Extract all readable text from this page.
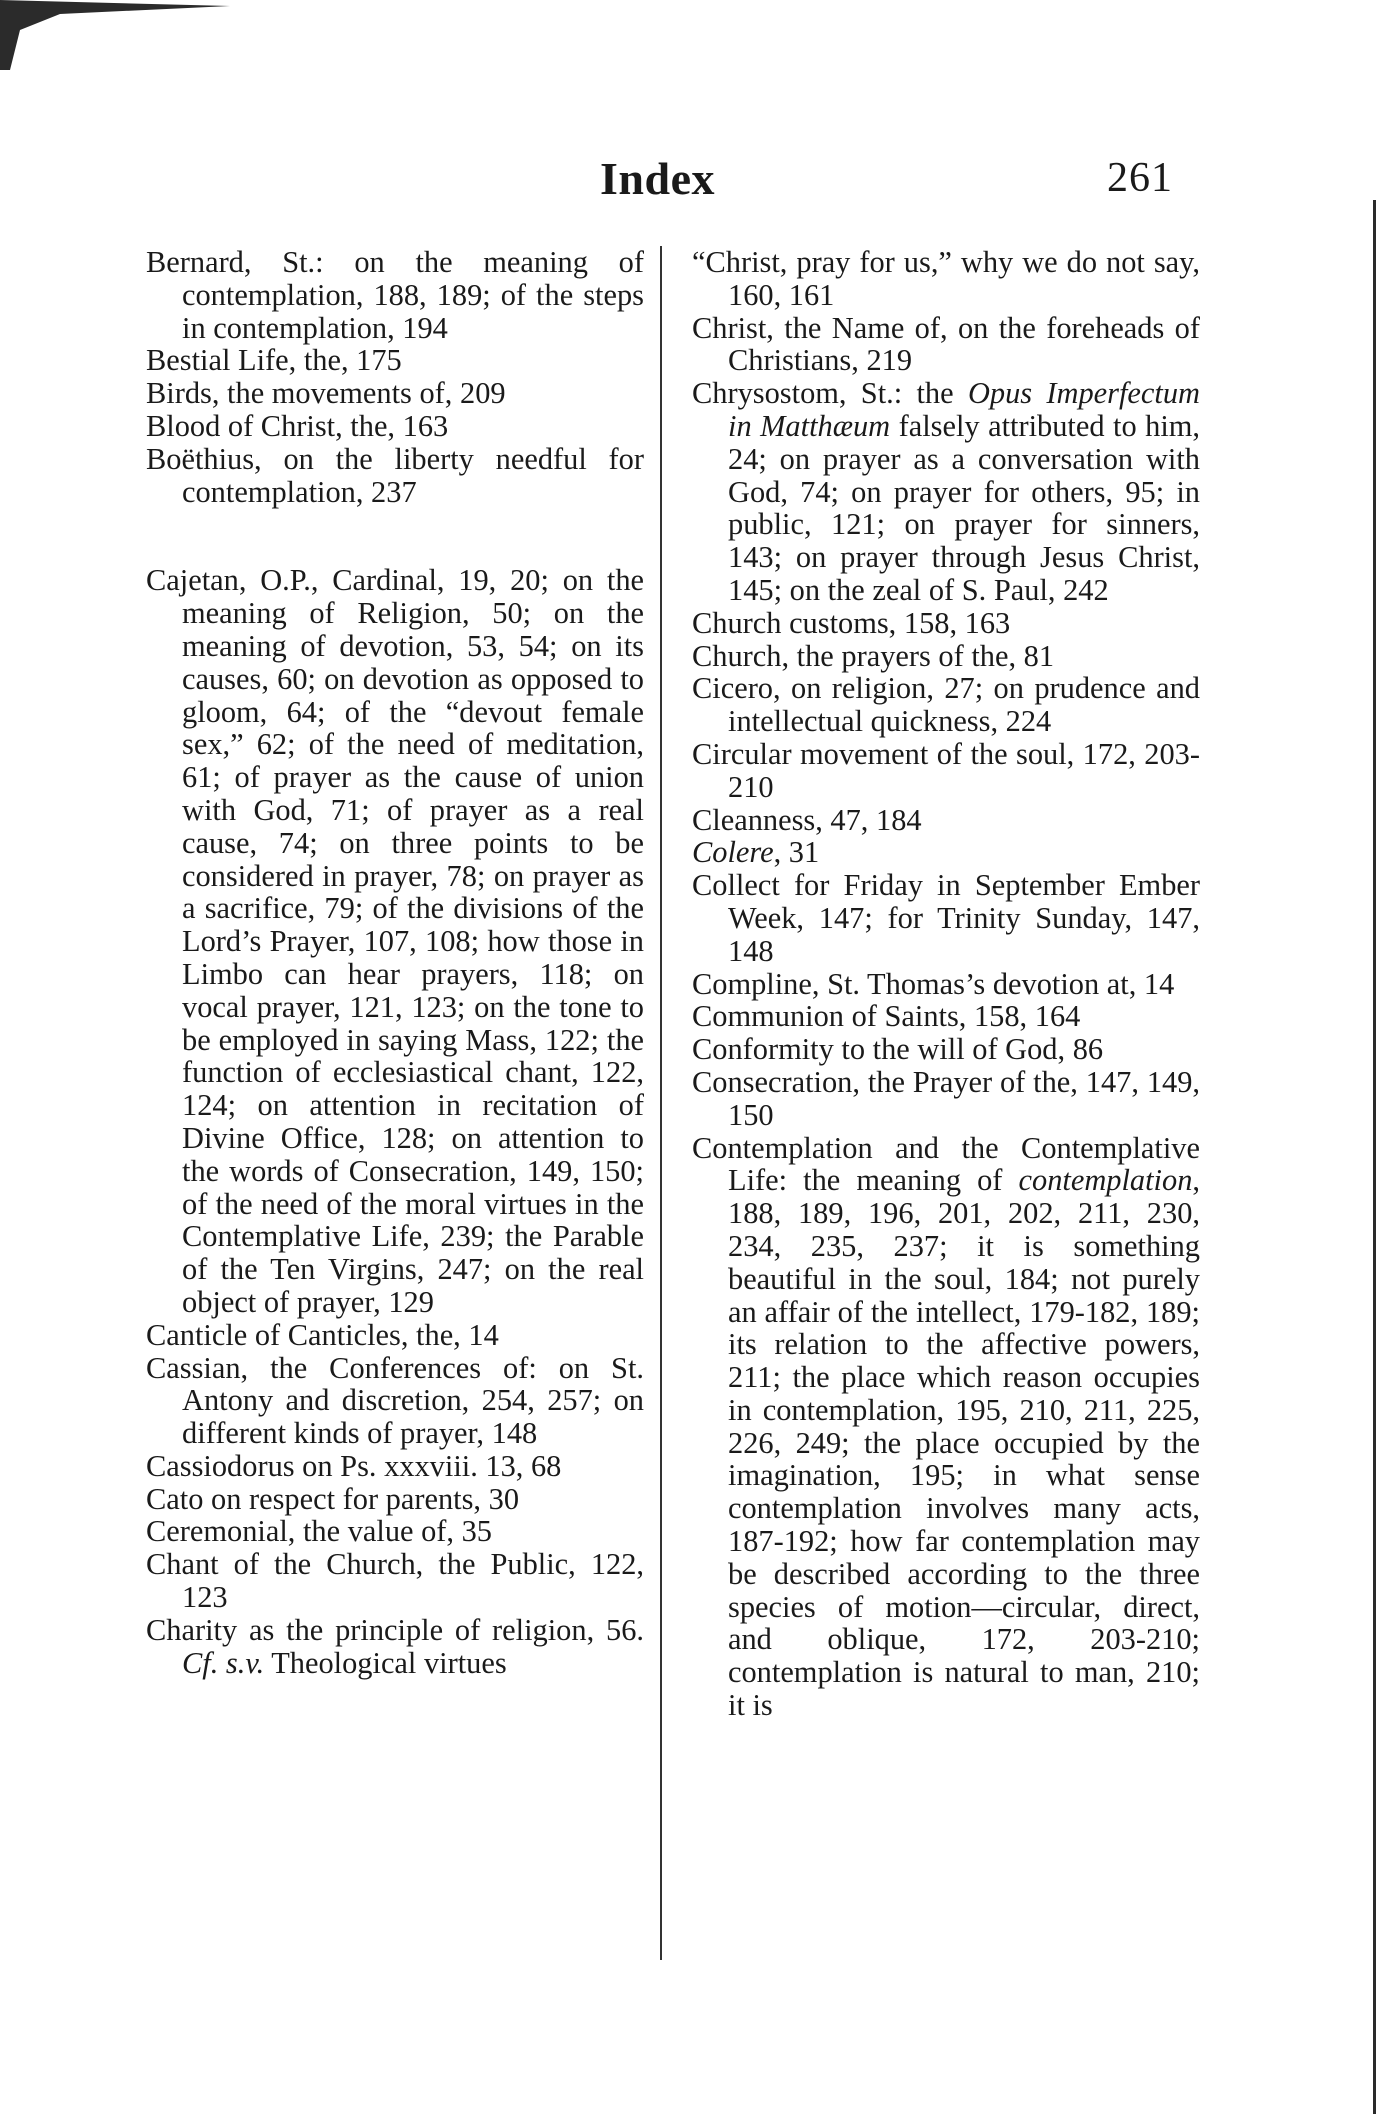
Index	261
Bernard, St.: on the meaning of contemplation, 188, 189; of the steps in contemplation, 194
Bestial Life, the, 175
Birds, the movements of, 209
Blood of Christ, the, 163
Boëthius, on the liberty needful for contemplation, 237
Cajetan, O.P., Cardinal, 19, 20; on the meaning of Religion, 50; on the meaning of devotion, 53, 54; on its causes, 60; on devotion as opposed to gloom, 64; of the “devout female sex,” 62; of the need of meditation, 61; of prayer as the cause of union with God, 71; of prayer as a real cause, 74; on three points to be considered in prayer, 78; on prayer as a sacrifice, 79; of the divisions of the Lord’s Prayer, 107, 108; how those in Limbo can hear prayers, 118; on vocal prayer, 121, 123; on the tone to be employed in saying Mass, 122; the function of ecclesiastical chant, 122, 124; on attention in recitation of Divine Office, 128; on attention to the words of Consecration, 149, 150; of the need of the moral virtues in the Contemplative Life, 239; the Parable of the Ten Virgins, 247; on the real object of prayer, 129
Canticle of Canticles, the, 14
Cassian, the Conferences of: on St. Antony and discretion, 254, 257; on different kinds of prayer, 148
Cassiodorus on Ps. xxxviii. 13, 68
Cato on respect for parents, 30
Ceremonial, the value of, 35
Chant of the Church, the Public, 122, 123
Charity as the principle of religion, 56. Cf. s.v. Theological virtues
“Christ, pray for us,” why we do not say, 160, 161
Christ, the Name of, on the foreheads of Christians, 219
Chrysostom, St.: the Opus Imperfectum in Matthæum falsely attributed to him, 24; on prayer as a conversation with God, 74; on prayer for others, 95; in public, 121; on prayer for sinners, 143; on prayer through Jesus Christ, 145; on the zeal of S. Paul, 242
Church customs, 158, 163
Church, the prayers of the, 81
Cicero, on religion, 27; on prudence and intellectual quickness, 224
Circular movement of the soul, 172, 203-210
Cleanness, 47, 184
Colere, 31
Collect for Friday in September Ember Week, 147; for Trinity Sunday, 147, 148
Compline, St. Thomas’s devotion at, 14
Communion of Saints, 158, 164
Conformity to the will of God, 86
Consecration, the Prayer of the, 147, 149, 150
Contemplation and the Contemplative Life: the meaning of contemplation, 188, 189, 196, 201, 202, 211, 230, 234, 235, 237; it is something beautiful in the soul, 184; not purely an affair of the intellect, 179-182, 189; its relation to the affective powers, 211; the place which reason occupies in contemplation, 195, 210, 211, 225, 226, 249; the place occupied by the imagination, 195; in what sense contemplation involves many acts, 187-192; how far contemplation may be described according to the three species of motion—circular, direct, and oblique, 172, 203-210; contemplation is natural to man, 210; it is
